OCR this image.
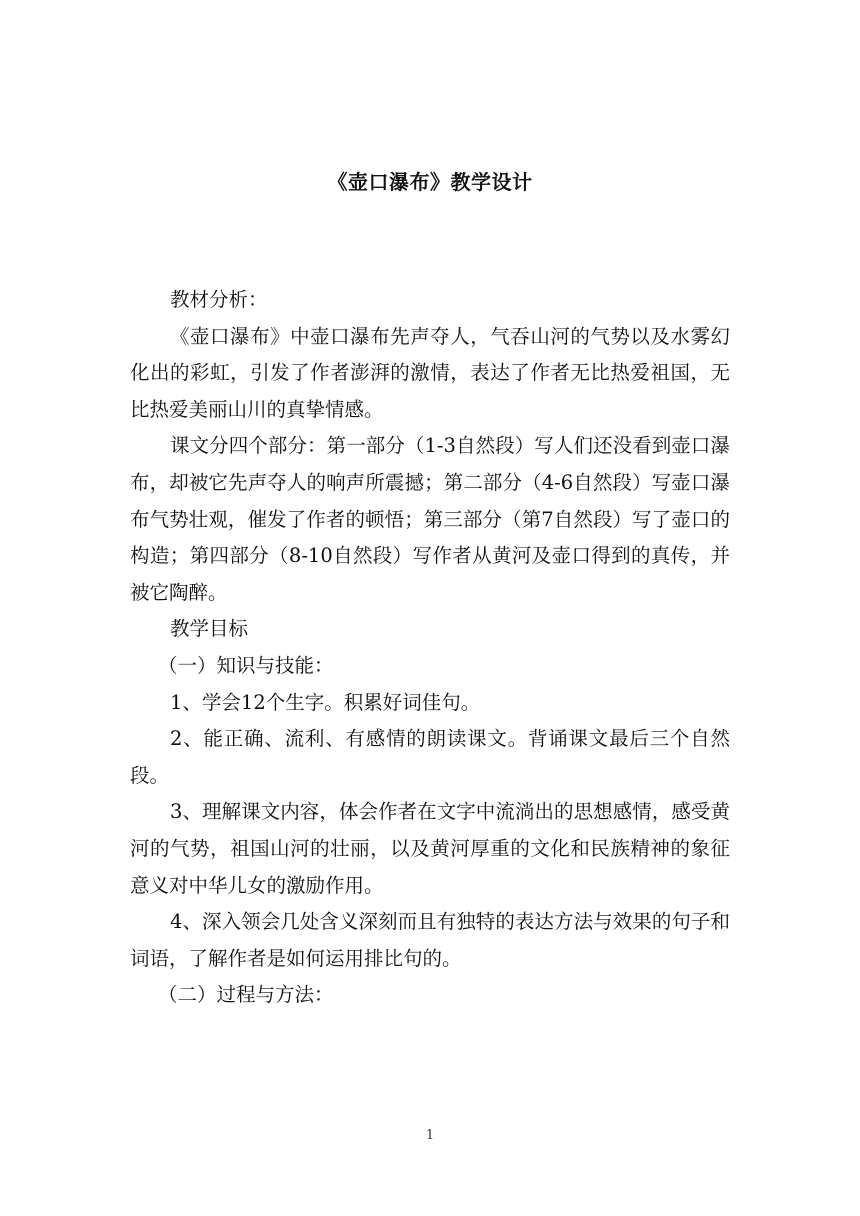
《壶口瀑布》教学设计

教材分析：

《壶口瀑布》中壶口瀑布先声夺人，气吞山河的气势以及水雾幻化出的彩虹，引发了作者澎湃的激情，表达了作者无比热爱祖国，无比热爱美丽山川的真挚情感。

课文分四个部分：第一部分（1-3自然段）写人们还没看到壶口瀑布，却被它先声夺人的响声所震撼；第二部分（4-6自然段）写壶口瀑布气势壮观，催发了作者的顿悟；第三部分（第7自然段）写了壶口的构造；第四部分（8-10自然段）写作者从黄河及壶口得到的真传，并被它陶醉。

教学目标

（一）知识与技能：

1、学会12个生字。积累好词佳句。

2、能正确、流利、有感情的朗读课文。背诵课文最后三个自然段。

3、理解课文内容，体会作者在文字中流淌出的思想感情，感受黄河的气势，祖国山河的壮丽，以及黄河厚重的文化和民族精神的象征意义对中华儿女的激励作用。

4、深入领会几处含义深刻而且有独特的表达方法与效果的句子和词语，了解作者是如何运用排比句的。

（二）过程与方法：

1
